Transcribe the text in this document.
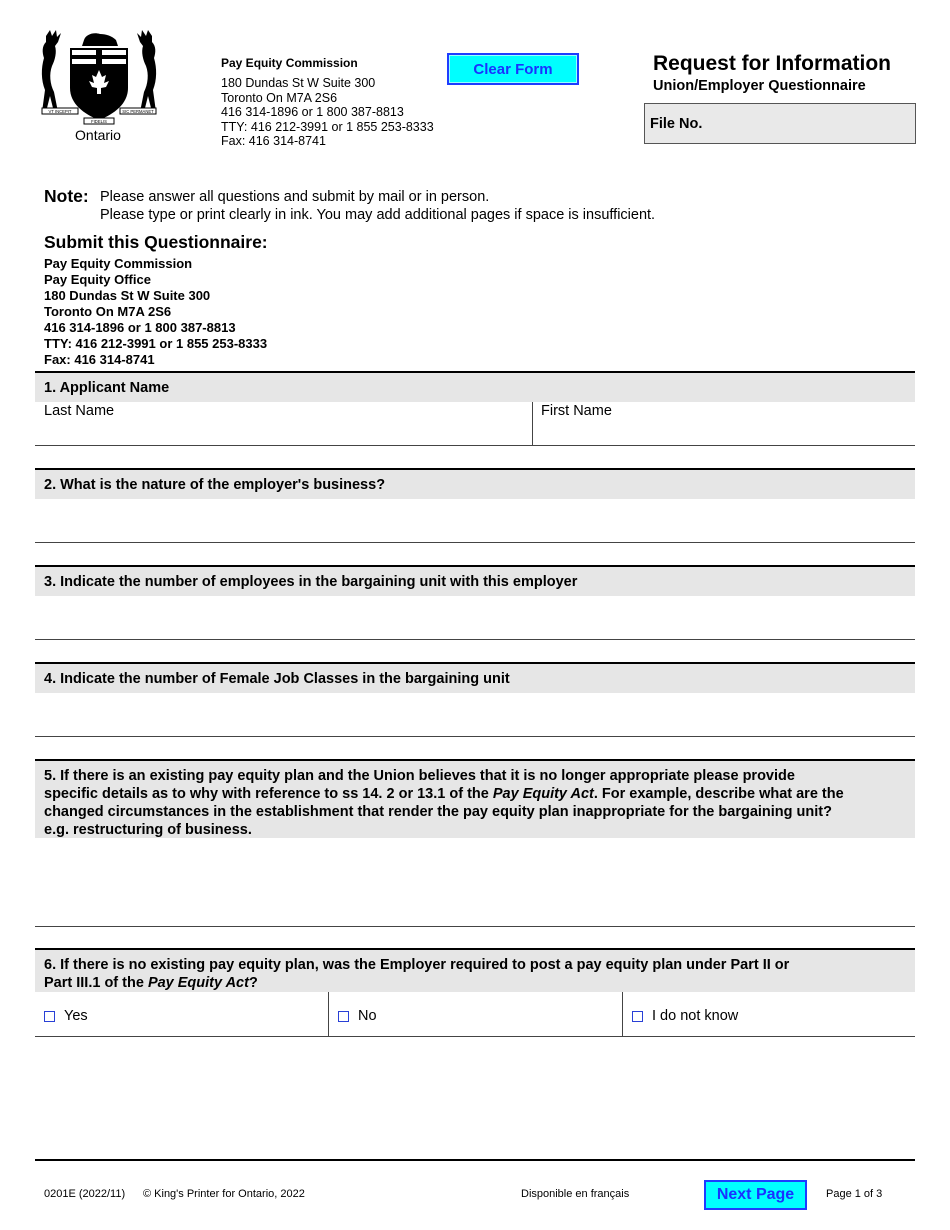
VT INCEPIT
FIDELIS
SIC PERMANET
Ontario
Pay Equity Commission
180 Dundas St W Suite 300
Toronto On M7A 2S6
416 314-1896 or 1 800 387-8813
TTY: 416 212-3991 or 1 855 253-8333
Fax: 416 314-8741
Clear Form	Request for Information
Union/Employer Questionnaire
File No.
Note: Please answer all questions and submit by mail or in person.
Please type or print clearly in ink. You may add additional pages if space is insufficient.
Submit this Questionnaire:
Pay Equity Commission
Pay Equity Office
180 Dundas St W Suite 300
Toronto On M7A 2S6
416 314-1896 or 1 800 387-8813
TTY: 416 212-3991 or 1 855 253-8333
Fax: 416 314-8741
1. Applicant Name
Last Name	First Name
2. What is the nature of the employer's business?
3. Indicate the number of employees in the bargaining unit with this employer
4. Indicate the number of Female Job Classes in the bargaining unit
5. If there is an existing pay equity plan and the Union believes that it is no longer appropriate please provide
specific details as to why with reference to ss 14. 2 or 13.1 of the Pay Equity Act. For example, describe what are the
changed circumstances in the establishment that render the pay equity plan inappropriate for the bargaining unit?
e.g. restructuring of business.
6. If there is no existing pay equity plan, was the Employer required to post a pay equity plan under Part II or
Part III.1 of the Pay Equity Act?
Yes	No	I do not know
0201E (2022/11) © King's Printer for Ontario, 2022	Disponible en français	Next Page	Page 1 of 3
